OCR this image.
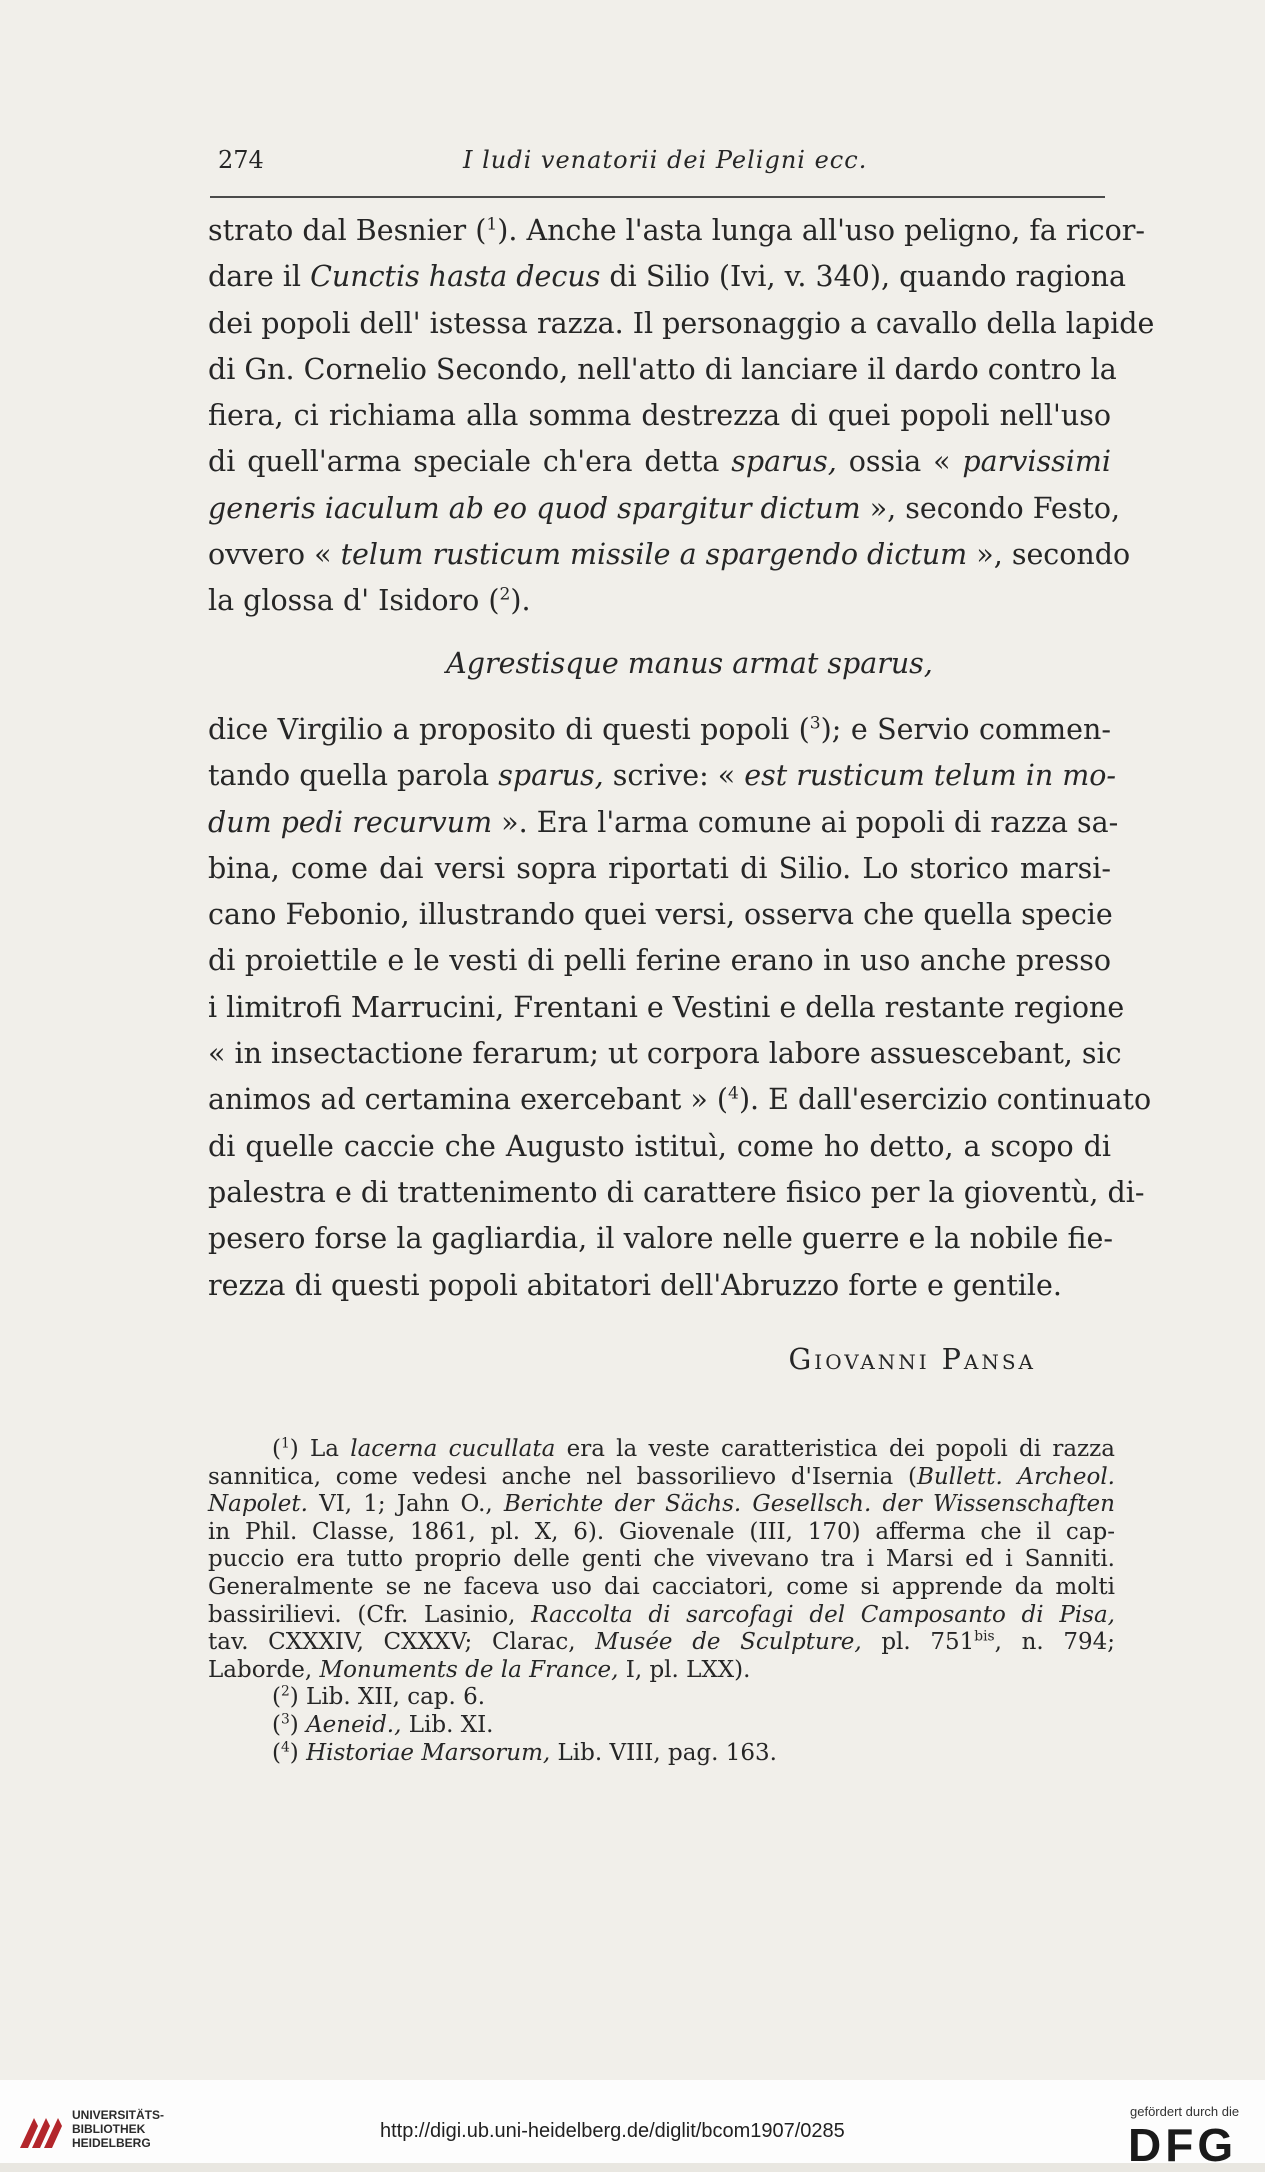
274	I ludi venatorii dei Peligni ecc.
strato dal Besnier ($^1$). Anche l'asta lunga all'uso peligno, fa ricor-
dare il Cunctis hasta decus di Silio (Ivi, v. 340), quando ragiona
dei popoli dell' istessa razza. Il personaggio a cavallo della lapide
di Gn. Cornelio Secondo, nell'atto di lanciare il dardo contro la
fiera, ci richiama alla somma destrezza di quei popoli nell'uso
di quell'arma speciale ch'era detta sparus, ossia « parvissimi
generis iaculum ab eo quod spargitur dictum », secondo Festo,
ovvero « telum rusticum missile a spargendo dictum », secondo
la glossa d' Isidoro ($^2$).
Agrestisque manus armat sparus,
dice Virgilio a proposito di questi popoli ($^3$); e Servio commen-
tando quella parola sparus, scrive: « est rusticum telum in mo-
dum pedi recurvum ». Era l'arma comune ai popoli di razza sa-
bina, come dai versi sopra riportati di Silio. Lo storico marsi-
cano Febonio, illustrando quei versi, osserva che quella specie
di proiettile e le vesti di pelli ferine erano in uso anche presso
i limitrofi Marrucini, Frentani e Vestini e della restante regione
« in insectactione ferarum; ut corpora labore assuescebant, sic
animos ad certamina exercebant » ($^4$). E dall'esercizio continuato
di quelle caccie che Augusto istituì, come ho detto, a scopo di
palestra e di trattenimento di carattere fisico per la gioventù, di-
pesero forse la gagliardia, il valore nelle guerre e la nobile fie-
rezza di questi popoli abitatori dell'Abruzzo forte e gentile.
Giovanni Pansa
($^1$) La lacerna cucullata era la veste caratteristica dei popoli di razza
sannitica, come vedesi anche nel bassorilievo d'Isernia (Bullett. Archeol.
Napolet. VI, 1; Jahn O., Berichte der Sächs. Gesellsch. der Wissenschaften
in Phil. Classe, 1861, pl. X, 6). Giovenale (III, 170) afferma che il cap-
puccio era tutto proprio delle genti che vivevano tra i Marsi ed i Sanniti.
Generalmente se ne faceva uso dai cacciatori, come si apprende da molti
bassirilievi. (Cfr. Lasinio, Raccolta di sarcofagi del Camposanto di Pisa,
tav. CXXXIV, CXXXV; Clarac, Musée de Sculpture, pl. $751^{bis}$, n. 794;
Laborde, Monuments de la France, I, pl. LXX).
($^2$) Lib. XII, cap. 6.
($^3$) Aeneid., Lib. XI.
($^4$) Historiae Marsorum, Lib. VIII, pag. 163.
UNIVERSITÄTS-
BIBLIOTHEK
HEIDELBERG
http://digi.ub.uni-heidelberg.de/diglit/bcom1907/0285
gefördert durch die
DFG
